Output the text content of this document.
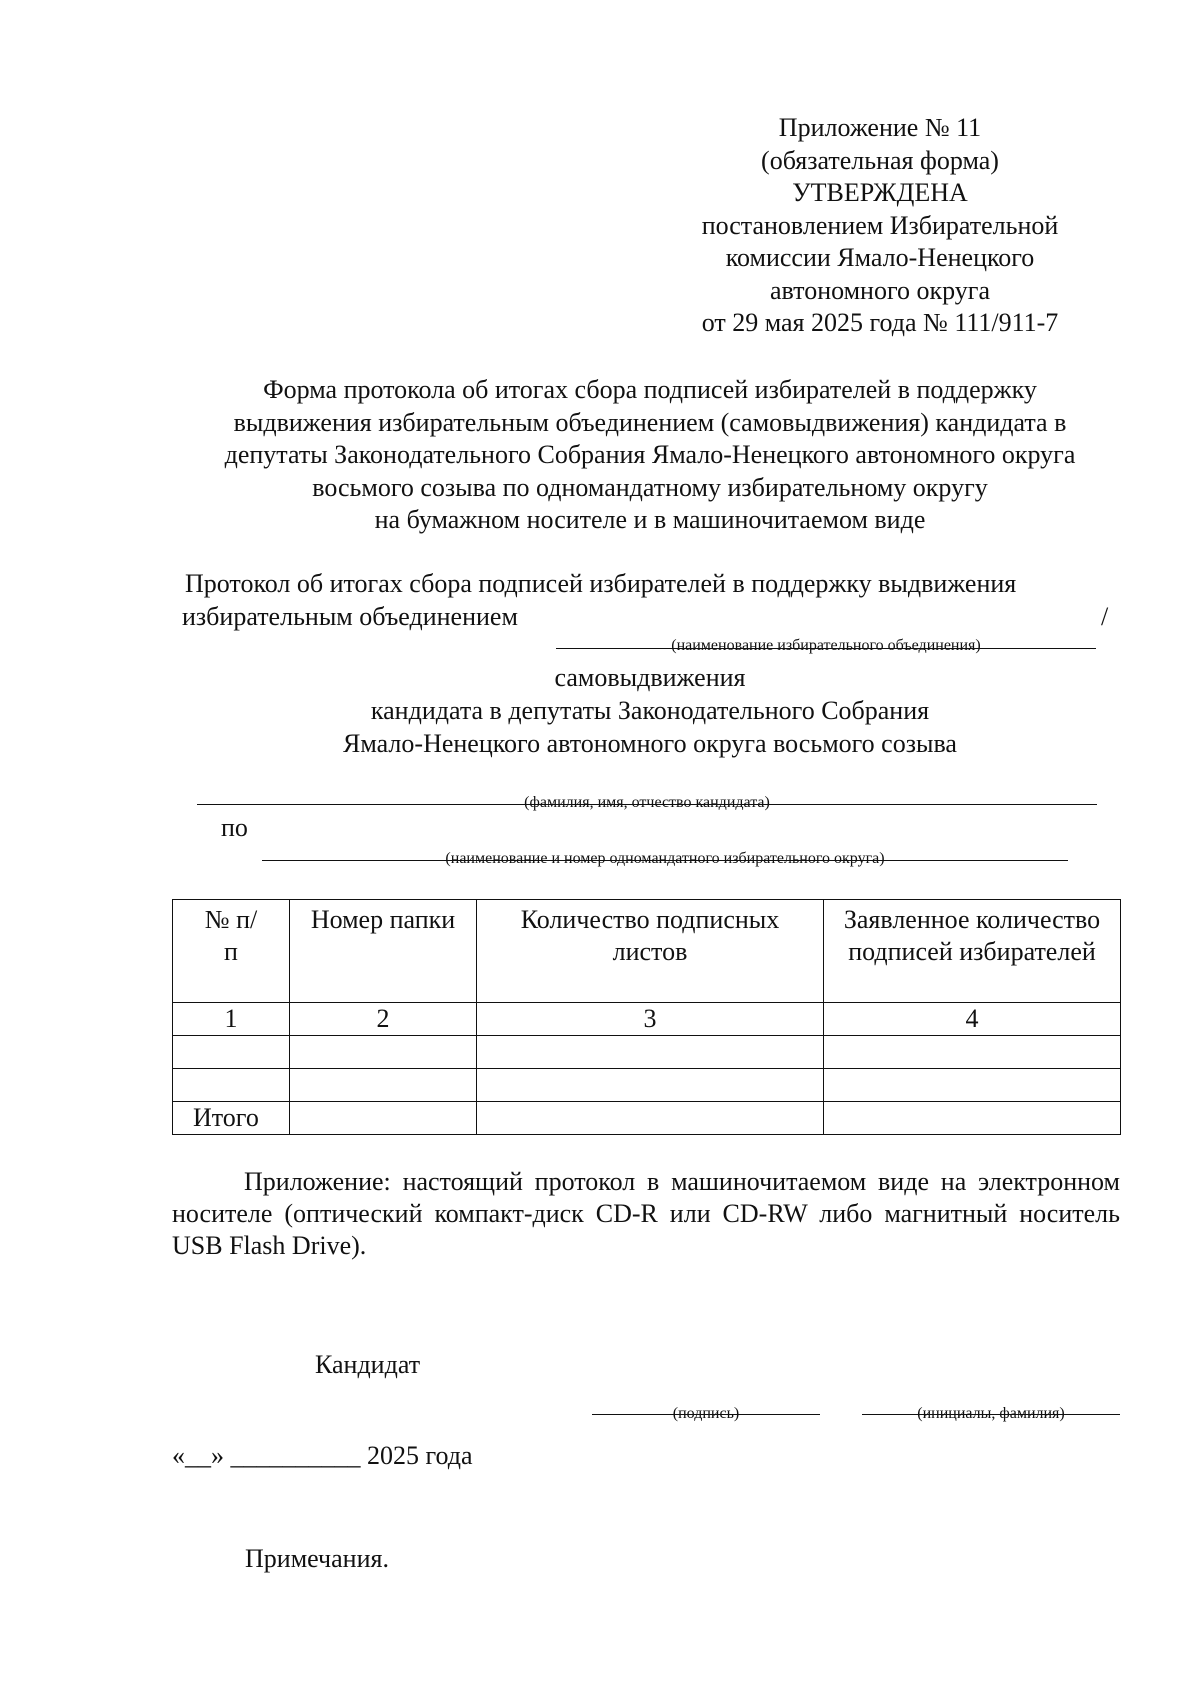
Приложение № 11
(обязательная форма)
УТВЕРЖДЕНА
постановлением Избирательной
комиссии Ямало-Ненецкого
автономного округа
от 29 мая 2025 года № 111/911-7
Форма протокола об итогах сбора подписей избирателей в поддержку
выдвижения избирательным объединением (самовыдвижения) кандидата в
депутаты Законодательного Собрания Ямало-Ненецкого автономного округа
восьмого созыва по одномандатному избирательному округу
на бумажном носителе и в машиночитаемом виде
Протокол об итогах сбора подписей избирателей в поддержку выдвижения
избирательным объединением	/
(наименование избирательного объединения)
самовыдвижения
кандидата в депутаты Законодательного Собрания
Ямало-Ненецкого автономного округа восьмого созыва
(фамилия, имя, отчество кандидата)
по
(наименование и номер одномандатного избирательного округа)
№ п/п	Номер папки	Количество подписных листов	Заявленное количество подписей избирателей
1	2	3	4

Итого			
Приложение: настоящий протокол в машиночитаемом виде на электронном носителе (оптический компакт-диск CD-R или CD-RW либо магнитный носитель USB Flash Drive).
Кандидат
(подпись)	(инициалы, фамилия)
«__» __________ 2025 года
Примечания.
